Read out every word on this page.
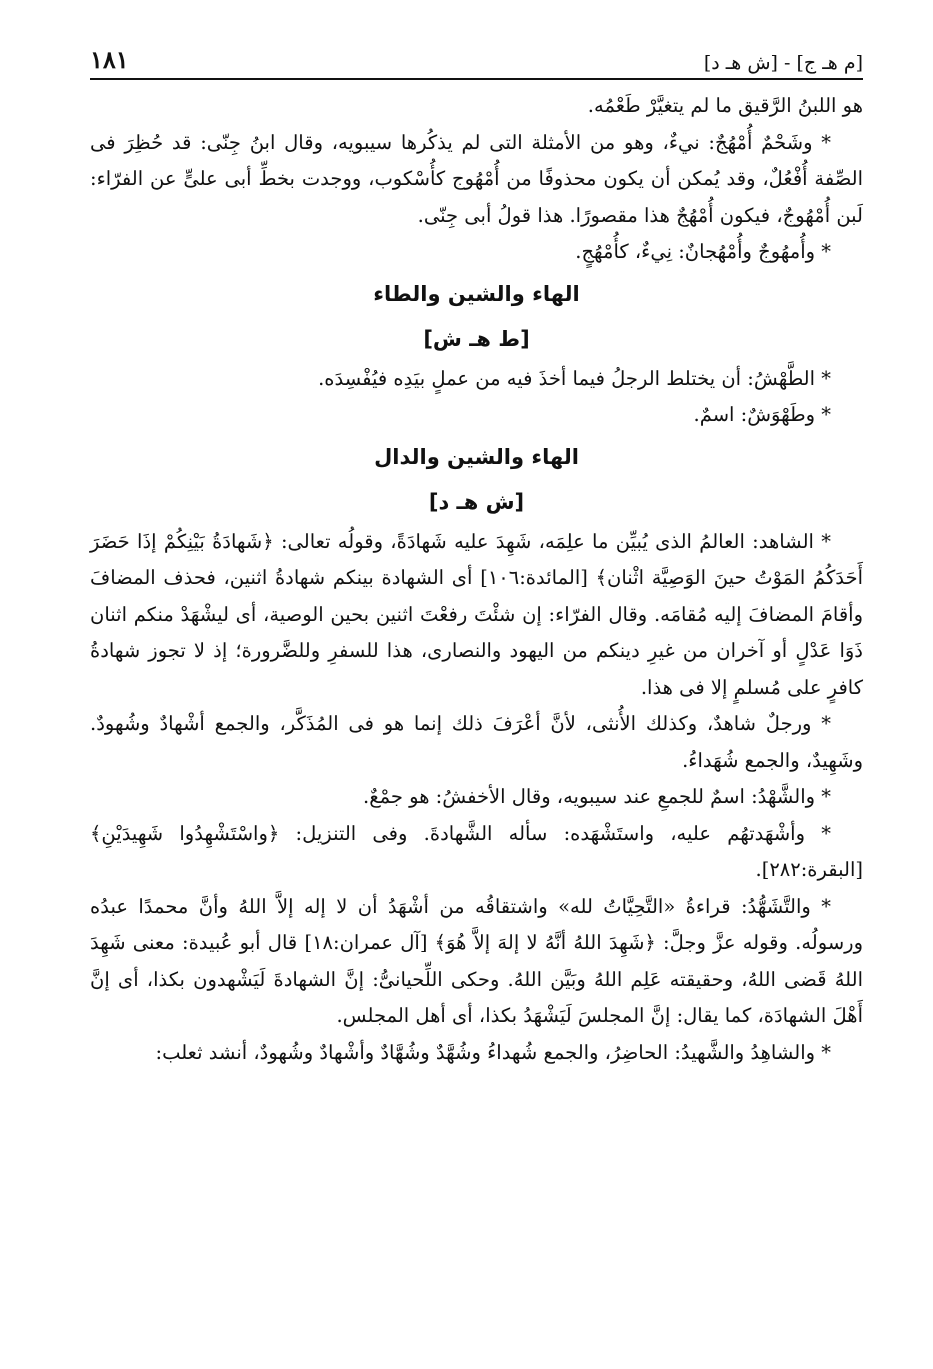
[م هـ ج] - [ش هـ د]
١٨١

هو اللبنُ الرَّقيق ما لم يتغيَّرْ طَعْمُه.

* وشَحْمٌ أُمْهُجٌ: نيءٌ، وهو من الأمثلة التى لم يذكُرها سيبويه، وقال ابنُ جِنّى: قد حُظِرَ فى الصِّفة أُفْعُلٌ، وقد يُمكن أن يكون محذوفًا من أُمْهُوج كأُسْكوب، ووجدت بخطِّ أبى علىٍّ عن الفرّاء: لَبن أُمْهُوجٌ، فيكون أُمْهُجٌ هذا مقصورًا. هذا قولُ أبى جِنّى.

* وأُمهُوجٌ وأُمْهُجانٌ: نِيءٌ، كأُمْهُجٍ.

الهاء والشين والطاء

[ط هـ ش]

* الطَّهْشُ: أن يختلط الرجلُ فيما أخذَ فيه من عملٍ بيَدِه فيُفْسِدَه.

* وطَهْوَشٌ: اسمٌ.

الهاء والشين والدال

[ش هـ د]

* الشاهد: العالمُ الذى يُبيِّن ما علِمَه، شَهِدَ عليه شَهادَةً، وقولُه تعالى: ﴿شَهادَةُ بَيْنِكُمْ إذَا حَضَرَ أَحَدَكُمُ المَوْتُ حينَ الوَصِيَّة اثْنان﴾ [المائدة:١٠٦] أى الشهادة بينكم شهادةُ اثنين، فحذف المضافَ وأقامَ المضافَ إليه مُقامَه. وقال الفرّاء: إن شئْتَ رفعْتَ اثنين بحين الوصية، أى ليشْهَدْ منكم اثنان ذَوَا عَدْلٍ أو آخران من غيرِ دينكم من اليهود والنصارى، هذا للسفرِ وللضَّرورة؛ إذ لا تجوز شهادةُ كافرٍ على مُسلمٍ إلا فى هذا.

* ورجلٌ شاهدٌ، وكذلك الأُنثى، لأنَّ أعْرَفَ ذلك إنما هو فى المُذَكَّر، والجمع أشْهادٌ وشُهودٌ. وشَهِيدٌ، والجمع شُهَداءُ.

* والشَّهْدُ: اسمٌ للجمعِ عند سيبويه، وقال الأخفشُ: هو جمْعٌ.

* وأشْهَدتهُم عليه، واستَشْهَده: سأله الشَّهادةَ. وفى التنزيل: ﴿واسْتَشْهِدُوا شَهِيدَيْنِ﴾ [البقرة:٢٨٢].

* والتَّشَهُّدُ: قراءةُ «التَّحِيَّاتُ لله» واشتقاقُه من أشْهَدُ أن لا إله إلاَّ اللهُ وأنَّ محمدًا عبدُه ورسولُه. وقوله عزَّ وجلَّ: ﴿شَهِدَ اللهُ أنَّهُ لا إلهَ إلاَّ هُوَ﴾ [آل عمران:١٨] قال أبو عُبيدة: معنى شَهِدَ اللهُ قَضى اللهُ، وحقيقته عَلِم اللهُ وبَيَّن اللهُ. وحكى اللِّحيانىُّ: إنَّ الشهادةَ لَيَشْهدون بكذا، أى إنَّ أَهْلَ الشهادَة، كما يقال: إنَّ المجلسَ لَيَشْهَدُ بكذا، أى أهل المجلس.

* والشاهِدُ والشَّهيدُ: الحاضِرُ، والجمع شُهداءُ وشُهَّدٌ وشُهَّادٌ وأشْهادٌ وشُهودٌ، أنشد ثعلب:
